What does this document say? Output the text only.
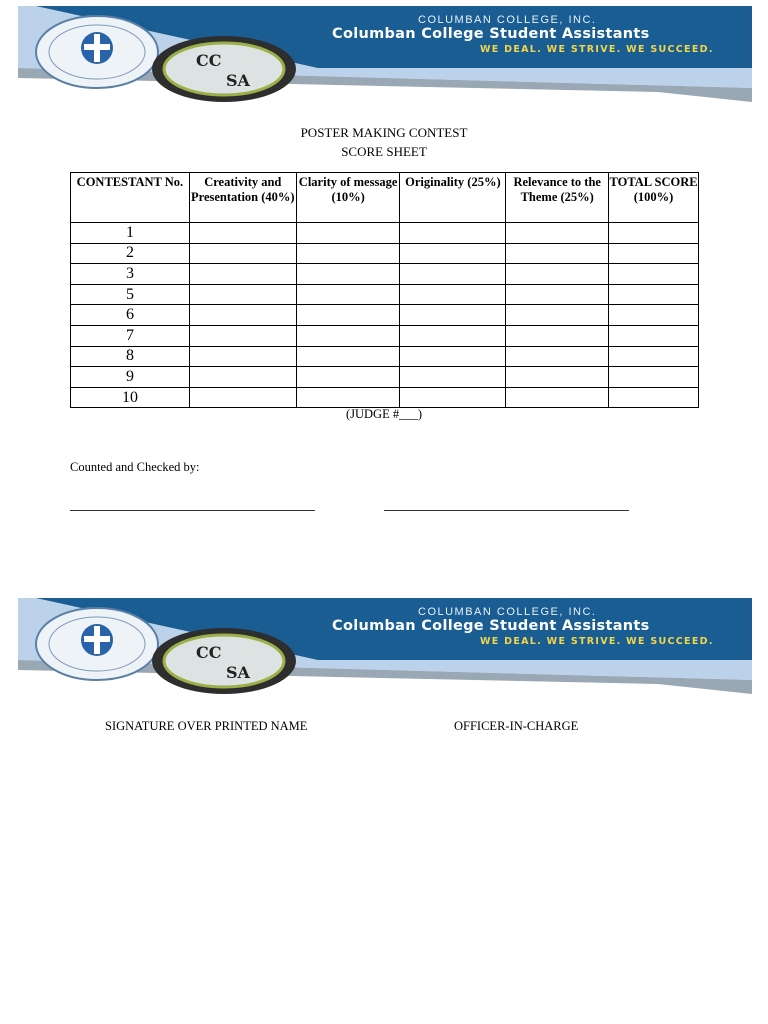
COLUMBAN COLLEGE, INC.
Columban College Student Assistants
WE DEAL. WE STRIVE. WE SUCCEED.
CC
SA
POSTER MAKING CONTEST
SCORE SHEET
CONTESTANT No.	Creativity and Presentation (40%)	Clarity of message (10%)	Originality (25%)	Relevance to the Theme (25%)	TOTAL SCORE (100%)
1					
2					
3					
5					
6					
7					
8					
9					
10					
(JUDGE #___)
Counted and Checked by:
COLUMBAN COLLEGE, INC.
Columban College Student Assistants
WE DEAL. WE STRIVE. WE SUCCEED.
CC
SA
SIGNATURE OVER PRINTED NAME	OFFICER-IN-CHARGE
